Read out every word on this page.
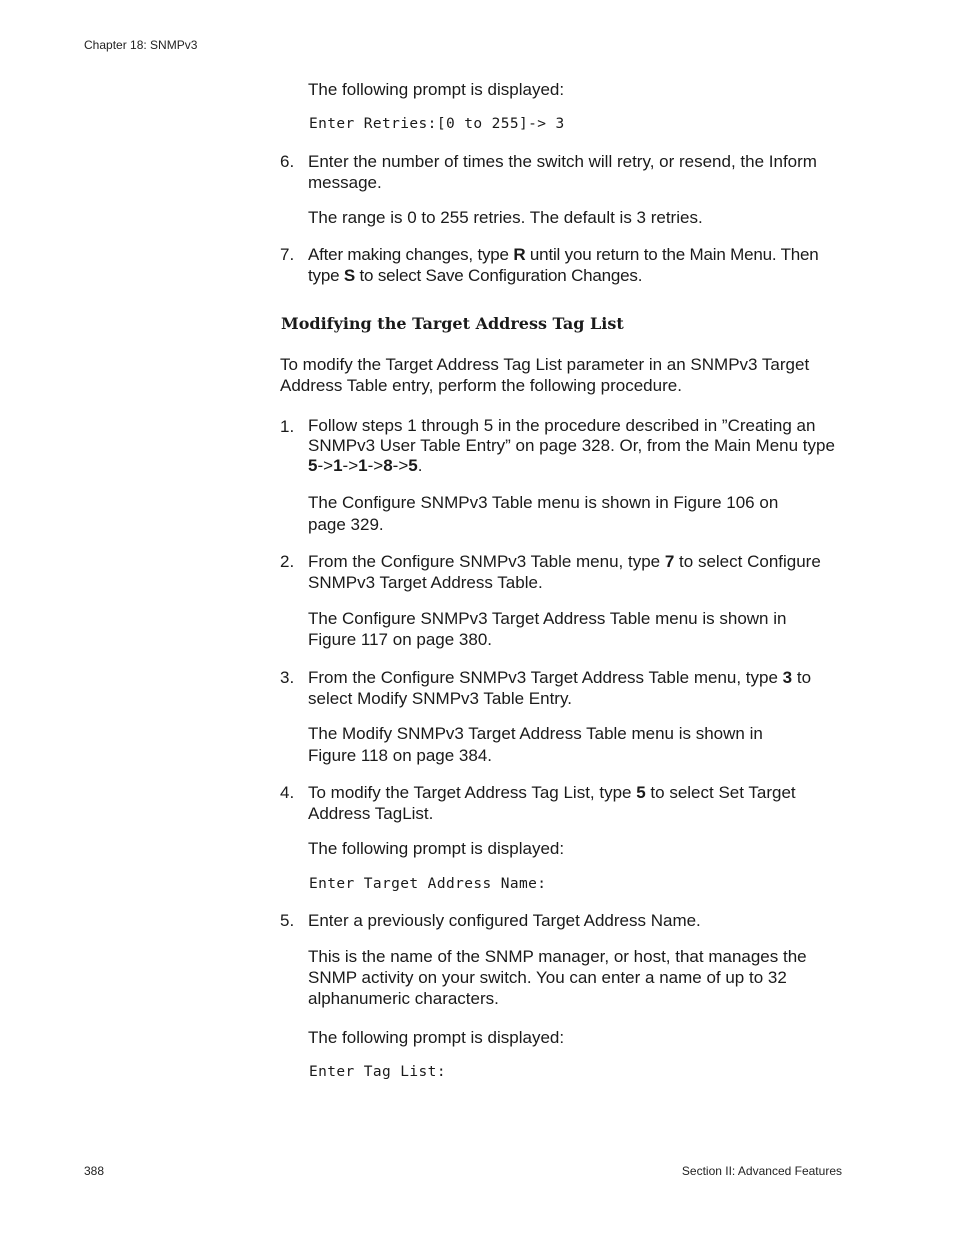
Chapter 18: SNMPv3
The following prompt is displayed:
Enter Retries:[0 to 255]-> 3
6. Enter the number of times the switch will retry, or resend, the Inform message.
The range is 0 to 255 retries. The default is 3 retries.
7. After making changes, type R until you return to the Main Menu. Then type S to select Save Configuration Changes.
Modifying the Target Address Tag List
To modify the Target Address Tag List parameter in an SNMPv3 Target Address Table entry, perform the following procedure.
1. Follow steps 1 through 5 in the procedure described in ”Creating an SNMPv3 User Table Entry” on page 328. Or, from the Main Menu type 5->1->1->8->5.
The Configure SNMPv3 Table menu is shown in Figure 106 on
page 329.
2. From the Configure SNMPv3 Table menu, type 7 to select Configure SNMPv3 Target Address Table.
The Configure SNMPv3 Target Address Table menu is shown in
Figure 117 on page 380.
3. From the Configure SNMPv3 Target Address Table menu, type 3 to select Modify SNMPv3 Table Entry.
The Modify SNMPv3 Target Address Table menu is shown in
Figure 118 on page 384.
4. To modify the Target Address Tag List, type 5 to select Set Target Address TagList.
The following prompt is displayed:
Enter Target Address Name:
5. Enter a previously configured Target Address Name.
This is the name of the SNMP manager, or host, that manages the SNMP activity on your switch. You can enter a name of up to 32 alphanumeric characters.
The following prompt is displayed:
Enter Tag List:
388	Section II: Advanced Features
